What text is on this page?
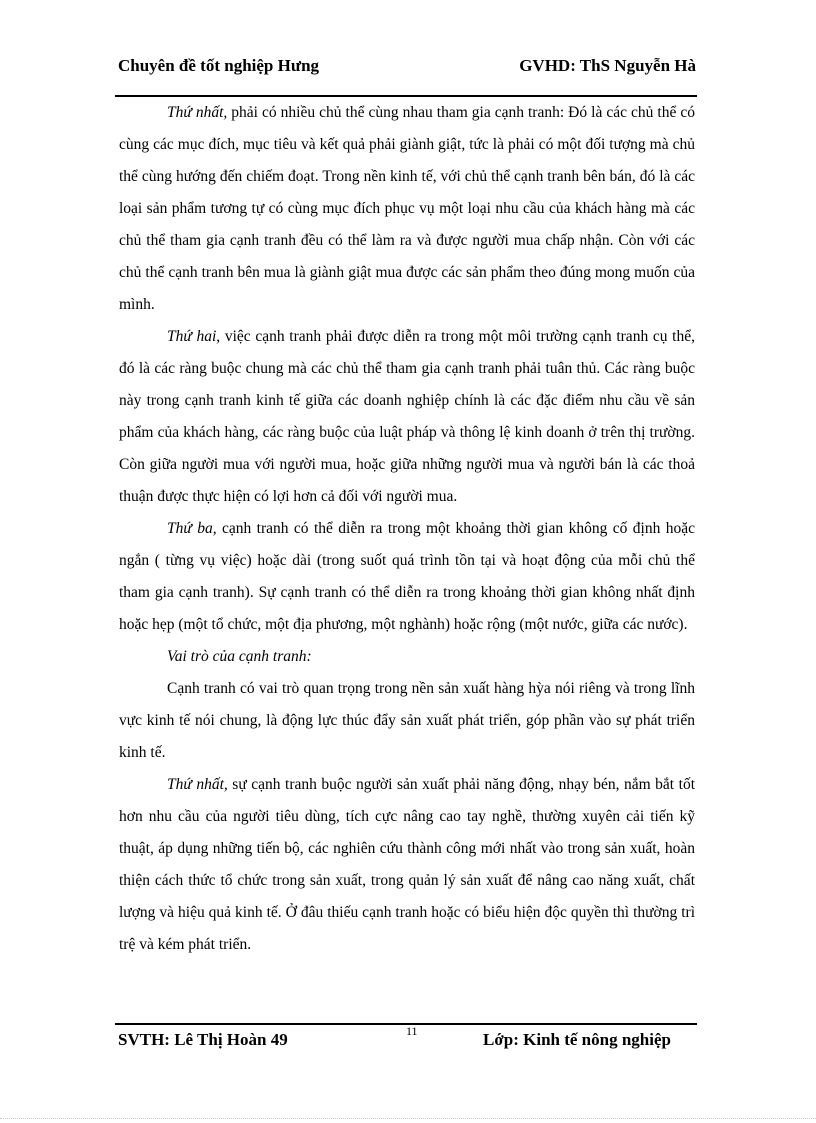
Chuyên đề tốt nghiệp Hưng	GVHD: ThS Nguyễn Hà

Thứ nhất, phải có nhiều chủ thể cùng nhau tham gia cạnh tranh: Đó là các chủ thể có cùng các mục đích, mục tiêu và kết quả phải giành giật, tức là phải có một đối tượng mà chủ thể cùng hướng đến chiếm đoạt. Trong nền kinh tế, với chủ thể cạnh tranh bên bán, đó là các loại sản phẩm tương tự có cùng mục đích phục vụ một loại nhu cầu của khách hàng mà các chủ thể tham gia cạnh tranh đều có thể làm ra và được người mua chấp nhận. Còn với các chủ thể cạnh tranh bên mua là giành giật mua được các sản phẩm theo đúng mong muốn của mình.

Thứ hai, việc cạnh tranh phải được diễn ra trong một môi trường cạnh tranh cụ thể, đó là các ràng buộc chung mà các chủ thể tham gia cạnh tranh phải tuân thủ. Các ràng buộc này trong cạnh tranh kinh tế giữa các doanh nghiệp chính là các đặc điểm nhu cầu về sản phẩm của khách hàng, các ràng buộc của luật pháp và thông lệ kinh doanh ở trên thị trường. Còn giữa người mua với người mua, hoặc giữa những người mua và người bán là các thoả thuận được thực hiện có lợi hơn cả đối với người mua.

Thứ ba, cạnh tranh có thể diễn ra trong một khoảng thời gian không cố định hoặc ngắn ( từng vụ việc) hoặc dài (trong suốt quá trình tồn tại và hoạt động của mỗi chủ thể tham gia cạnh tranh). Sự cạnh tranh có thể diễn ra trong khoảng thời gian không nhất định hoặc hẹp (một tổ chức, một địa phương, một nghành) hoặc rộng (một nước, giữa các nước).

Vai trò của cạnh tranh:

Cạnh tranh có vai trò quan trọng trong nền sản xuất hàng hỳa nói riêng và trong lĩnh vực kinh tế nói chung, là động lực thúc đẩy sản xuất phát triển, góp phần vào sự phát triển kinh tế.

Thứ nhất, sự cạnh tranh buộc người sản xuất phải năng động, nhạy bén, nắm bắt tốt hơn nhu cầu của người tiêu dùng, tích cực nâng cao tay nghề, thường xuyên cải tiến kỹ thuật, áp dụng những tiến bộ, các nghiên cứu thành công mới nhất vào trong sản xuất, hoàn thiện cách thức tổ chức trong sản xuất, trong quản lý sản xuất để nâng cao năng xuất, chất lượng và hiệu quả kinh tế. Ở đâu thiếu cạnh tranh hoặc có biểu hiện độc quyền thì thường trì trệ và kém phát triển.

SVTH: Lê Thị Hoàn 49	11	Lớp: Kinh tế nông nghiệp
